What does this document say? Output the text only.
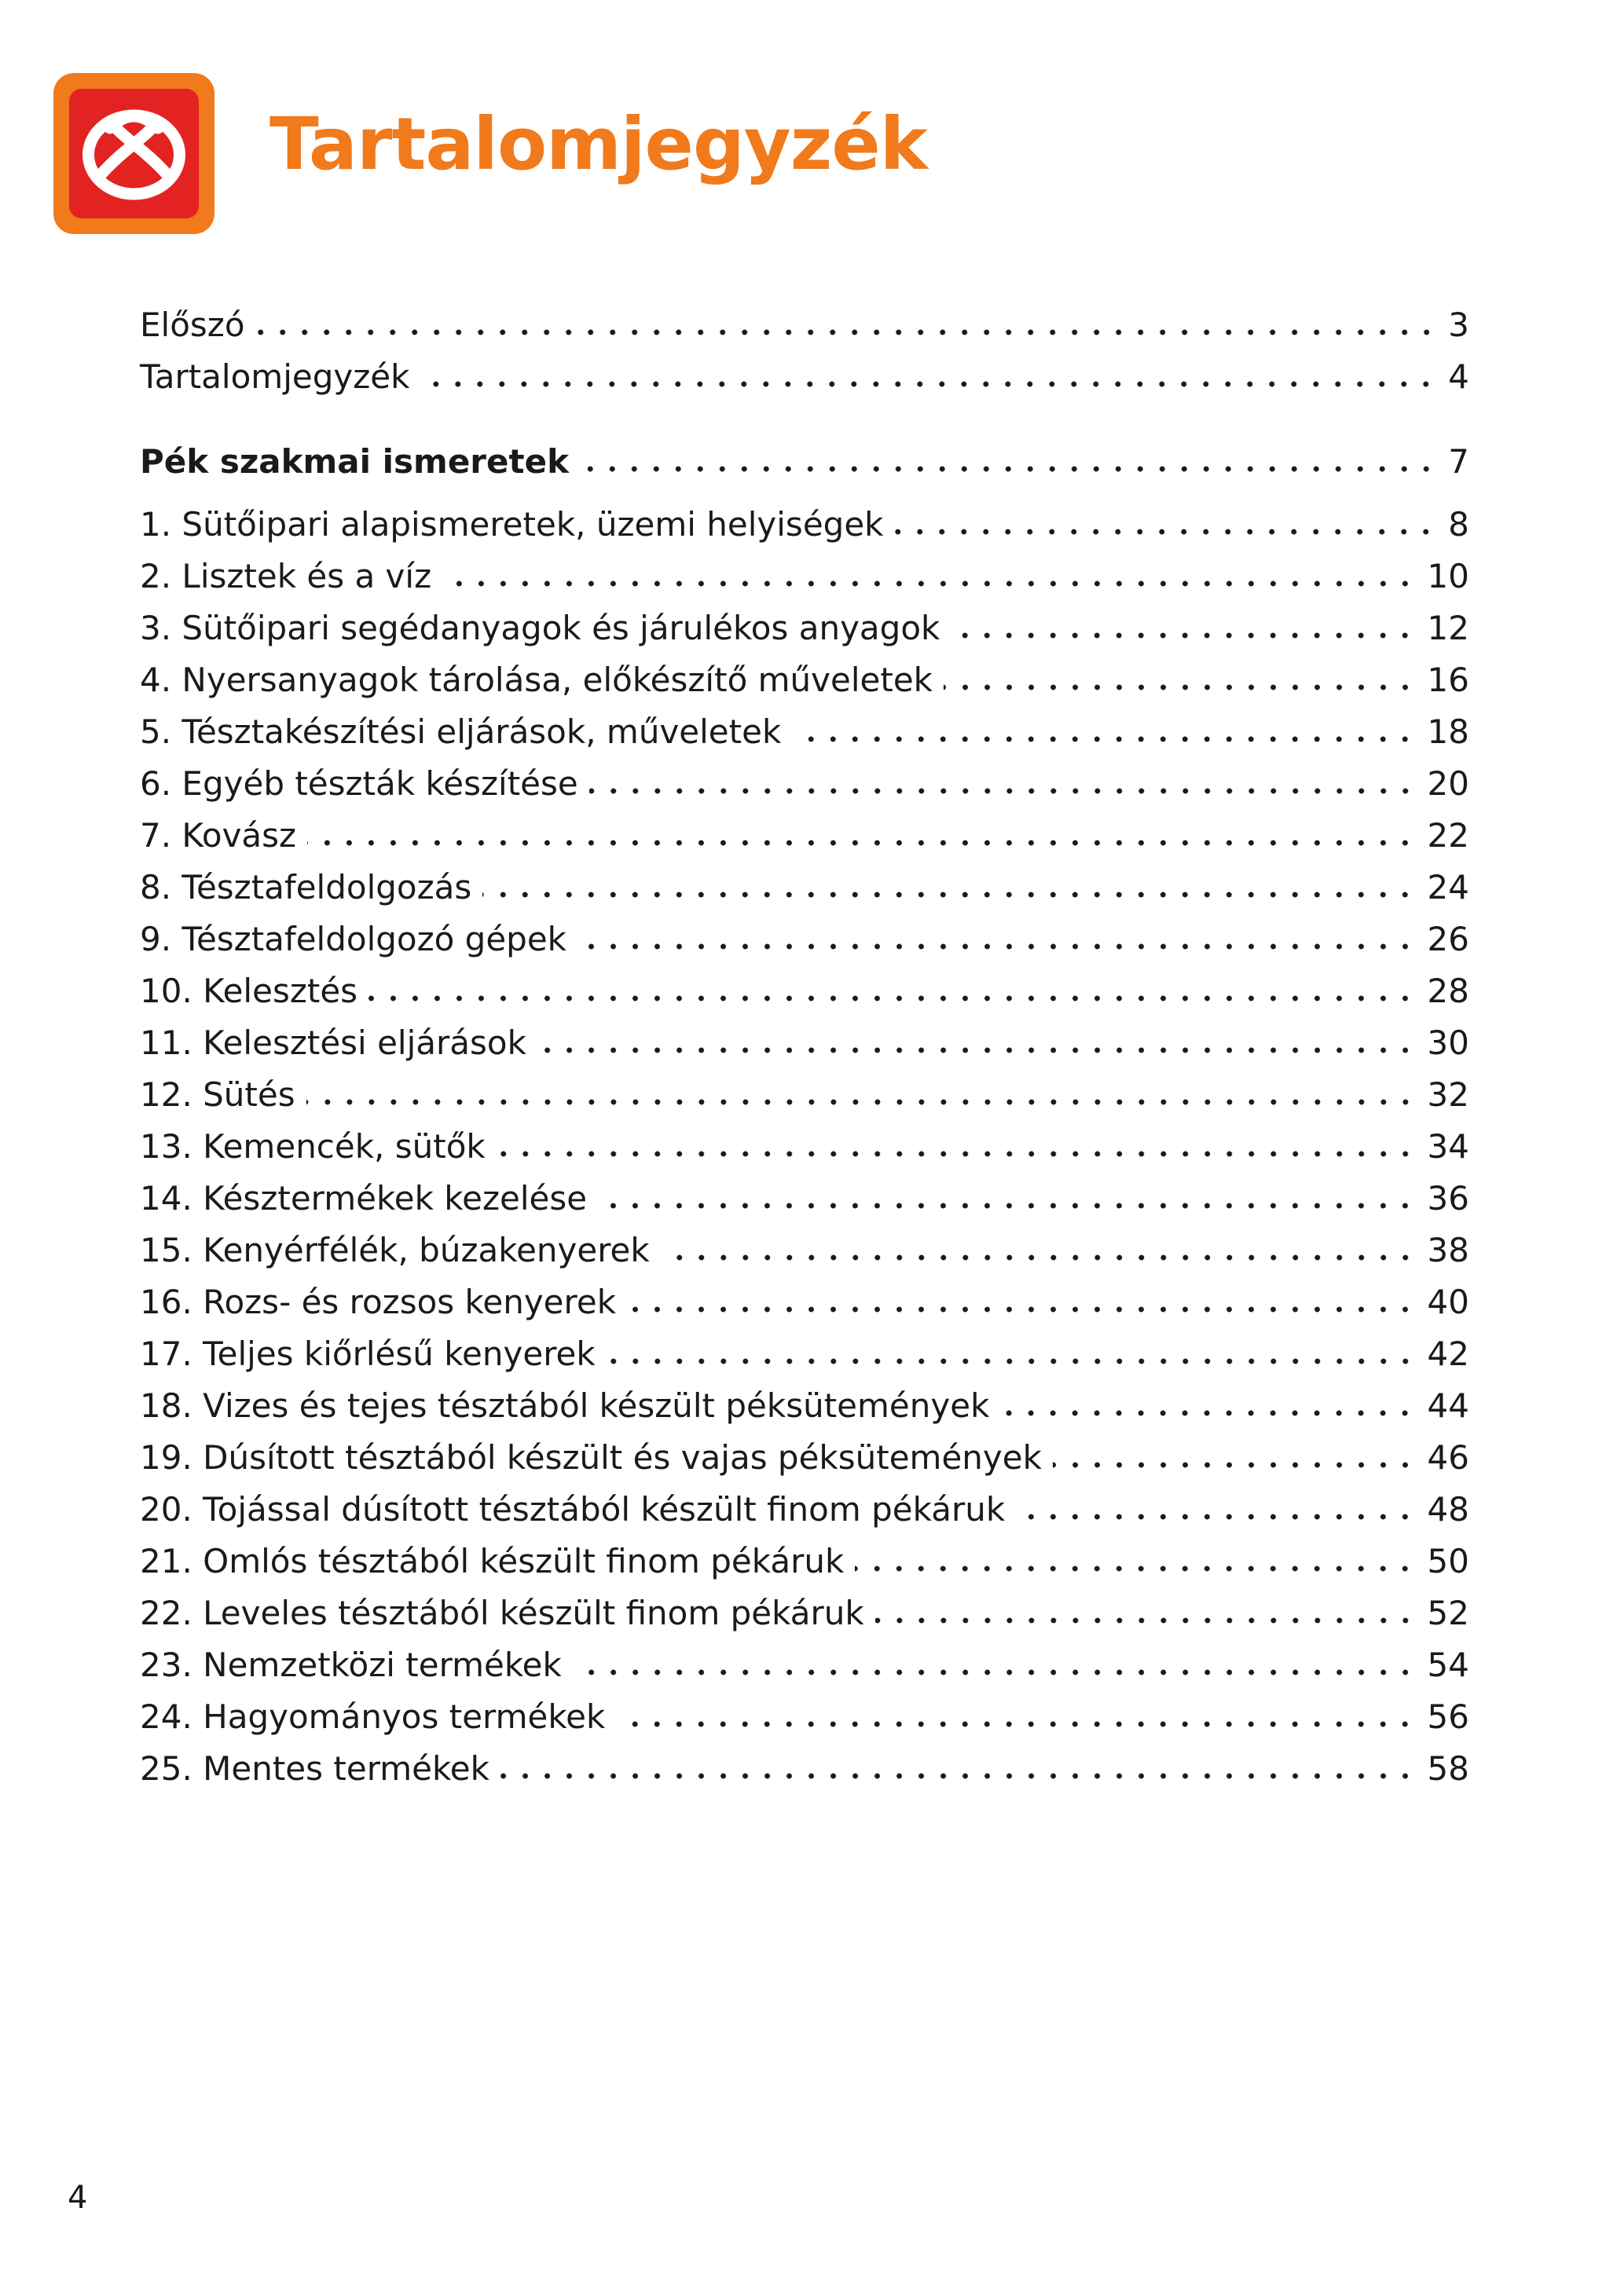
Tartalomjegyzék
Előszó	3
Tartalomjegyzék	4
Pék szakmai ismeretek	7
1. Sütőipari alapismeretek, üzemi helyiségek	8
2. Lisztek és a víz	10
3. Sütőipari segédanyagok és járulékos anyagok	12
4. Nyersanyagok tárolása, előkészítő műveletek	16
5. Tésztakészítési eljárások, műveletek	18
6. Egyéb tészták készítése	20
7. Kovász	22
8. Tésztafeldolgozás	24
9. Tésztafeldolgozó gépek	26
10. Kelesztés	28
11. Kelesztési eljárások	30
12. Sütés	32
13. Kemencék, sütők	34
14. Késztermékek kezelése	36
15. Kenyérfélék, búzakenyerek	38
16. Rozs- és rozsos kenyerek	40
17. Teljes kiőrlésű kenyerek	42
18. Vizes és tejes tésztából készült péksütemények	44
19. Dúsított tésztából készült és vajas péksütemények	46
20. Tojással dúsított tésztából készült finom pékáruk	48
21. Omlós tésztából készült finom pékáruk	50
22. Leveles tésztából készült finom pékáruk	52
23. Nemzetközi termékek	54
24. Hagyományos termékek	56
25. Mentes termékek	58
4
